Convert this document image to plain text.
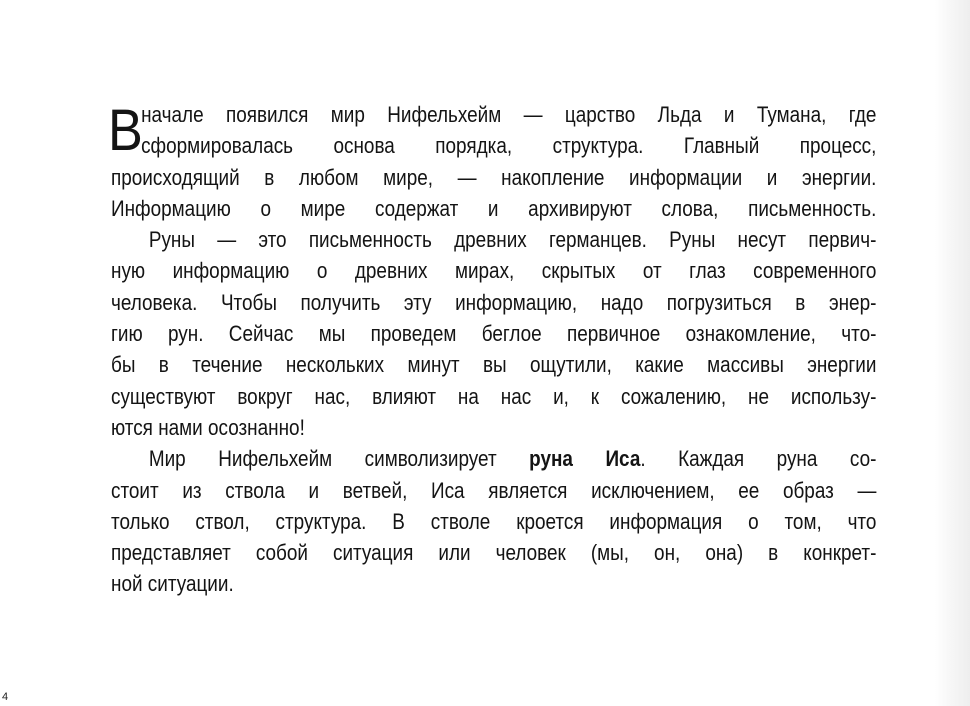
В
начале появился мир Нифельхейм — царство Льда и Тумана, где
сформировалась основа порядка, структура. Главный процесс,
происходящий в любом мире, — накопление информации и энергии.
Информацию о мире содержат и архивируют слова, письменность.
Руны — это письменность древних германцев. Руны несут первич-
ную информацию о древних мирах, скрытых от глаз современного
человека. Чтобы получить эту информацию, надо погрузиться в энер-
гию рун. Сейчас мы проведем беглое первичное ознакомление, что-
бы в течение нескольких минут вы ощутили, какие массивы энергии
существуют вокруг нас, влияют на нас и, к сожалению, не использу-
ются нами осознанно!
Мир Нифельхейм символизирует руна Иса. Каждая руна со-
стоит из ствола и ветвей, Иса является исключением, ее образ —
только ствол, структура. В стволе кроется информация о том, что
представляет собой ситуация или человек (мы, он, она) в конкрет-
ной ситуации.
4
